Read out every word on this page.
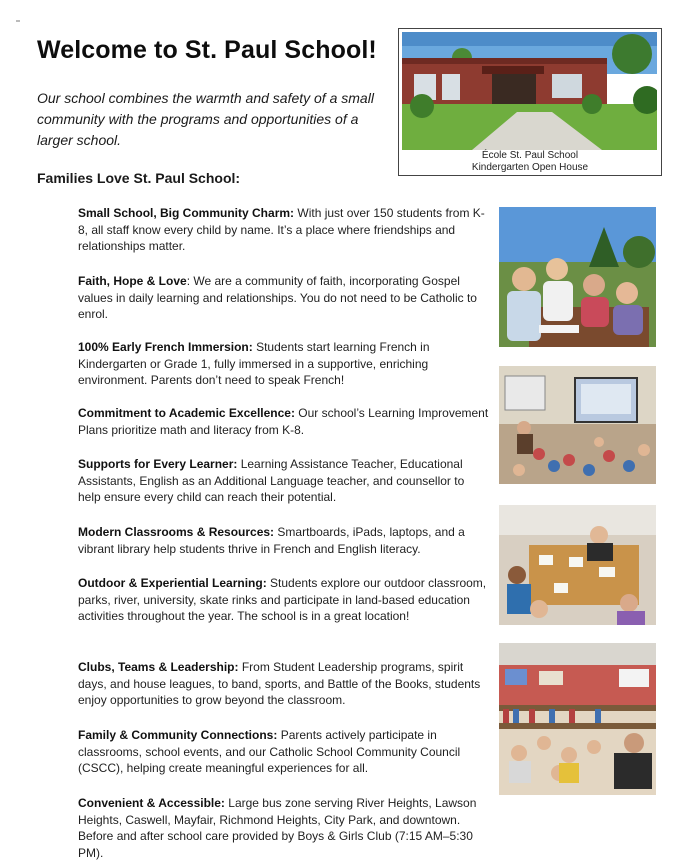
Welcome to St. Paul School!

Our school combines the warmth and safety of a small community with the programs and opportunities of a larger school.

Families Love St. Paul School:
École St. Paul School
Kindergarten Open House

Small School, Big Community Charm: With just over 150 students from K-8, all staff know every child by name. It’s a place where friendships and relationships matter.

Faith, Hope & Love: We are a community of faith, incorporating Gospel values in daily learning and relationships. You do not need to be Catholic to enrol.

100% Early French Immersion: Students start learning French in Kindergarten or Grade 1, fully immersed in a supportive, enriching environment. Parents don’t need to speak French!

Commitment to Academic Excellence: Our school’s Learning Improvement Plans prioritize math and literacy from K-8.

Supports for Every Learner: Learning Assistance Teacher, Educational Assistants, English as an Additional Language teacher, and counsellor to help ensure every child can reach their potential.

Modern Classrooms & Resources: Smartboards, iPads, laptops, and a vibrant library help students thrive in French and English literacy.

Outdoor & Experiential Learning: Students explore our outdoor classroom, parks, river, university, skate rinks and participate in land-based education activities throughout the year. The school is in a great location!

Clubs, Teams & Leadership: From Student Leadership programs, spirit days, and house leagues, to band, sports, and Battle of the Books, students enjoy opportunities to grow beyond the classroom.

Family & Community Connections: Parents actively participate in classrooms, school events, and our Catholic School Community Council (CSCC), helping create meaningful experiences for all.

Convenient & Accessible: Large bus zone serving River Heights, Lawson Heights, Caswell, Mayfair, Richmond Heights, City Park, and downtown. Before and after school care provided by Boys & Girls Club (7:15 AM–5:30 PM).
